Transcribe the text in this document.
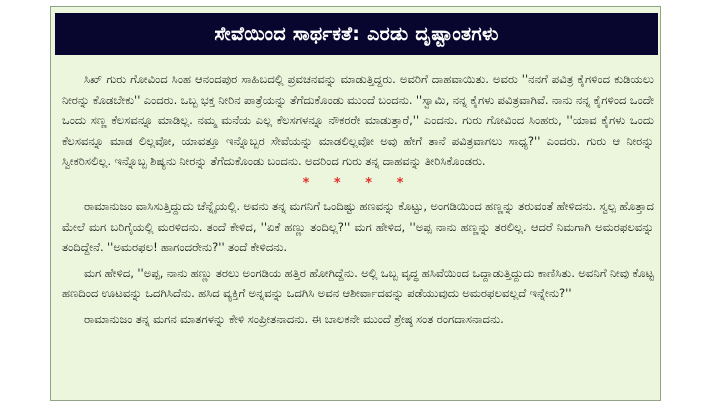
ಸೇವೆಯಿಂದ ಸಾರ್ಥಕತೆ: ಎರಡು ದೃಷ್ಟಾಂತಗಳು

ಸಿಖ್ ಗುರು ಗೋವಿಂದ ಸಿಂಹ ಆನಂದಪುರ ಸಾಹಿಬದಲ್ಲಿ ಪ್ರವಚನವನ್ನು ಮಾಡುತ್ತಿದ್ದರು. ಅವರಿಗೆ ದಾಹವಾಯಿತು. ಅವರು ''ನನಗೆ ಪವಿತ್ರ ಕೈಗಳಿಂದ ಕುಡಿಯಲು ನೀರನ್ನು ಕೊಡಬೇಕು'' ಎಂದರು. ಒಬ್ಬ ಭಕ್ತ ನೀರಿನ ಪಾತ್ರೆಯನ್ನು ತೆಗೆದುಕೊಂಡು ಮುಂದೆ ಬಂದನು. ''ಸ್ವಾಮಿ, ನನ್ನ ಕೈಗಳು ಪವಿತ್ರವಾಗಿವೆ. ನಾನು ನನ್ನ ಕೈಗಳಿಂದ ಒಂದೇ ಒಂದು ಸಣ್ಣ ಕೆಲಸವನ್ನೂ ಮಾಡಿಲ್ಲ. ನಮ್ಮ ಮನೆಯ ಎಲ್ಲ ಕೆಲಸಗಳನ್ನೂ ನೌಕರರೇ ಮಾಡುತ್ತಾರೆ,'' ಎಂದನು. ಗುರು ಗೋವಿಂದ ಸಿಂಹರು, ''ಯಾವ ಕೈಗಳು ಒಂದು ಕೆಲಸವನ್ನೂ ಮಾಡ ಲಿಲ್ಲವೋ, ಯಾವತ್ತೂ ಇನ್ನೊಬ್ಬರ ಸೇವೆಯನ್ನು ಮಾಡಲಿಲ್ಲವೋ ಅವು ಹೇಗೆ ತಾನೆ ಪವಿತ್ರವಾಗಲು ಸಾಧ್ಯ?'' ಎಂದರು. ಗುರು ಆ ನೀರನ್ನು ಸ್ವೀಕರಿಸಲಿಲ್ಲ. ಇನ್ನೊಬ್ಬ ಶಿಷ್ಯನು ನೀರನ್ನು ತೆಗೆದುಕೊಂಡು ಬಂದನು. ಅದರಿಂದ ಗುರು ತನ್ನ ದಾಹವನ್ನು ತೀರಿಸಿಕೊಂಡರು.

* * * *

ರಾಮಾನುಜಂ ವಾಸಿಸುತ್ತಿದ್ದುದು ಚೆನ್ನೈಯಲ್ಲಿ. ಅವನು ತನ್ನ ಮಗನಿಗೆ ಒಂದಿಷ್ಟು ಹಣವನ್ನು ಕೊಟ್ಟು, ಅಂಗಡಿಯಿಂದ ಹಣ್ಣನ್ನು ತರುವಂತೆ ಹೇಳಿದನು. ಸ್ವಲ್ಪ ಹೊತ್ತಾದ ಮೇಲೆ ಮಗ ಬರಿಗೈಯಲ್ಲಿ ಮರಳಿದನು. ತಂದೆ ಕೇಳಿದ, ''ಏಕೆ ಹಣ್ಣು ತಂದಿಲ್ಲ?'' ಮಗ ಹೇಳಿದ, ''ಅಪ್ಪ ನಾನು ಹಣ್ಣನ್ನು ತರಲಿಲ್ಲ. ಆದರೆ ನಿಮಗಾಗಿ ಅಮರಫಲವನ್ನು ತಂದಿದ್ದೇನೆ. ''ಅಮರಫಲ! ಹಾಗಂದರೇನು?'' ತಂದೆ ಕೇಳಿದನು.

ಮಗ ಹೇಳಿದ, ''ಅಪ್ಪ, ನಾನು ಹಣ್ಣು ತರಲು ಅಂಗಡಿಯ ಹತ್ತಿರ ಹೋಗಿದ್ದೆನು. ಅಲ್ಲಿ ಒಬ್ಬ ವೃದ್ಧ ಹಸಿವೆಯಿಂದ ಒದ್ದಾಡುತ್ತಿದ್ದುದು ಕಾಣಿಸಿತು. ಅವನಿಗೆ ನೀವು ಕೊಟ್ಟ ಹಣದಿಂದ ಊಟವನ್ನು ಒದಗಿಸಿದೆನು. ಹಸಿದ ವ್ಯಕ್ತಿಗೆ ಅನ್ನವನ್ನು ಒದಗಿಸಿ ಅವನ ಆಶೀರ್ವಾದವನ್ನು ಪಡೆಯುವುದು ಅಮರಫಲವಲ್ಲದೆ ಇನ್ನೇನು?''

ರಾಮಾನುಜಂ ತನ್ನ ಮಗನ ಮಾತಗಳನ್ನು ಕೇಳಿ ಸಂಪ್ರೀತನಾದನು. ಈ ಬಾಲಕನೇ ಮುಂದೆ ಶ್ರೇಷ್ಠ ಸಂತ ರಂಗದಾಸನಾದನು.
